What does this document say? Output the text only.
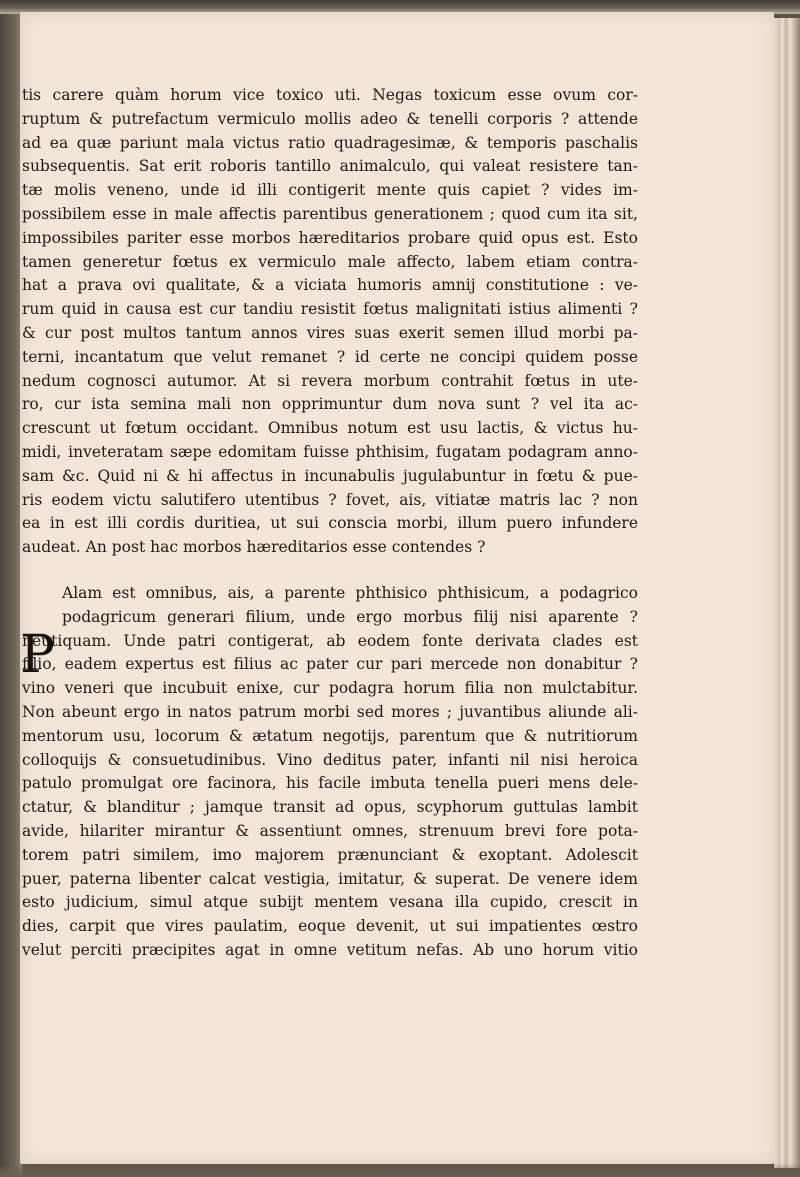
tis carere quàm horum vice toxico uti. Negas toxicum esse ovum cor-
ruptum & putrefactum vermiculo mollis adeo & tenelli corporis ? attende
ad ea quæ pariunt mala victus ratio quadragesimæ, & temporis paschalis
subsequentis. Sat erit roboris tantillo animalculo, qui valeat resistere tan-
tæ molis veneno, unde id illi contigerit mente quis capiet ? vides im-
possibilem esse in male affectis parentibus generationem ; quod cum ita sit,
impossibiles pariter esse morbos hæreditarios probare quid opus est. Esto
tamen generetur fœtus ex vermiculo male affecto, labem etiam contra-
hat a prava ovi qualitate, & a viciata humoris amnij constitutione : ve-
rum quid in causa est cur tandiu resistit fœtus malignitati istius alimenti ?
& cur post multos tantum annos vires suas exerit semen illud morbi pa-
terni, incantatum que velut remanet ? id certe ne concipi quidem posse
nedum cognosci autumor. At si revera morbum contrahit fœtus in ute-
ro, cur ista semina mali non opprimuntur dum nova sunt ? vel ita ac-
crescunt ut fœtum occidant. Omnibus notum est usu lactis, & victus hu-
midi, inveteratam sæpe edomitam fuisse phthisim, fugatam podagram anno-
sam &c. Quid ni & hi affectus in incunabulis jugulabuntur in fœtu & pue-
ris eodem victu salutifero utentibus ? fovet, ais, vitiatæ matris lac ? non
ea in est illi cordis duritiea, ut sui conscia morbi, illum puero infundere
audeat. An post hac morbos hæreditarios esse contendes ?
Alam est omnibus, ais, a parente phthisico phthisicum, a podagrico
podagricum generari filium, unde ergo morbus filij nisi aparente ?
neutiquam. Unde patri contigerat, ab eodem fonte derivata clades est
filio, eadem expertus est filius ac pater cur pari mercede non donabitur ?
vino veneri que incubuit enixe, cur podagra horum filia non mulctabitur.
Non abeunt ergo in natos patrum morbi sed mores ; juvantibus aliunde ali-
mentorum usu, locorum & ætatum negotijs, parentum que & nutritiorum
colloquijs & consuetudinibus. Vino deditus pater, infanti nil nisi heroica
patulo promulgat ore facinora, his facile imbuta tenella pueri mens dele-
ctatur, & blanditur ; jamque transit ad opus, scyphorum guttulas lambit
avide, hilariter mirantur & assentiunt omnes, strenuum brevi fore pota-
torem patri similem, imo majorem prænunciant & exoptant. Adolescit
puer, paterna libenter calcat vestigia, imitatur, & superat. De venere idem
esto judicium, simul atque subijt mentem vesana illa cupido, crescit in
dies, carpit que vires paulatim, eoque devenit, ut sui impatientes œstro
velut perciti præcipites agat in omne vetitum nefas. Ab uno horum vitio
P
